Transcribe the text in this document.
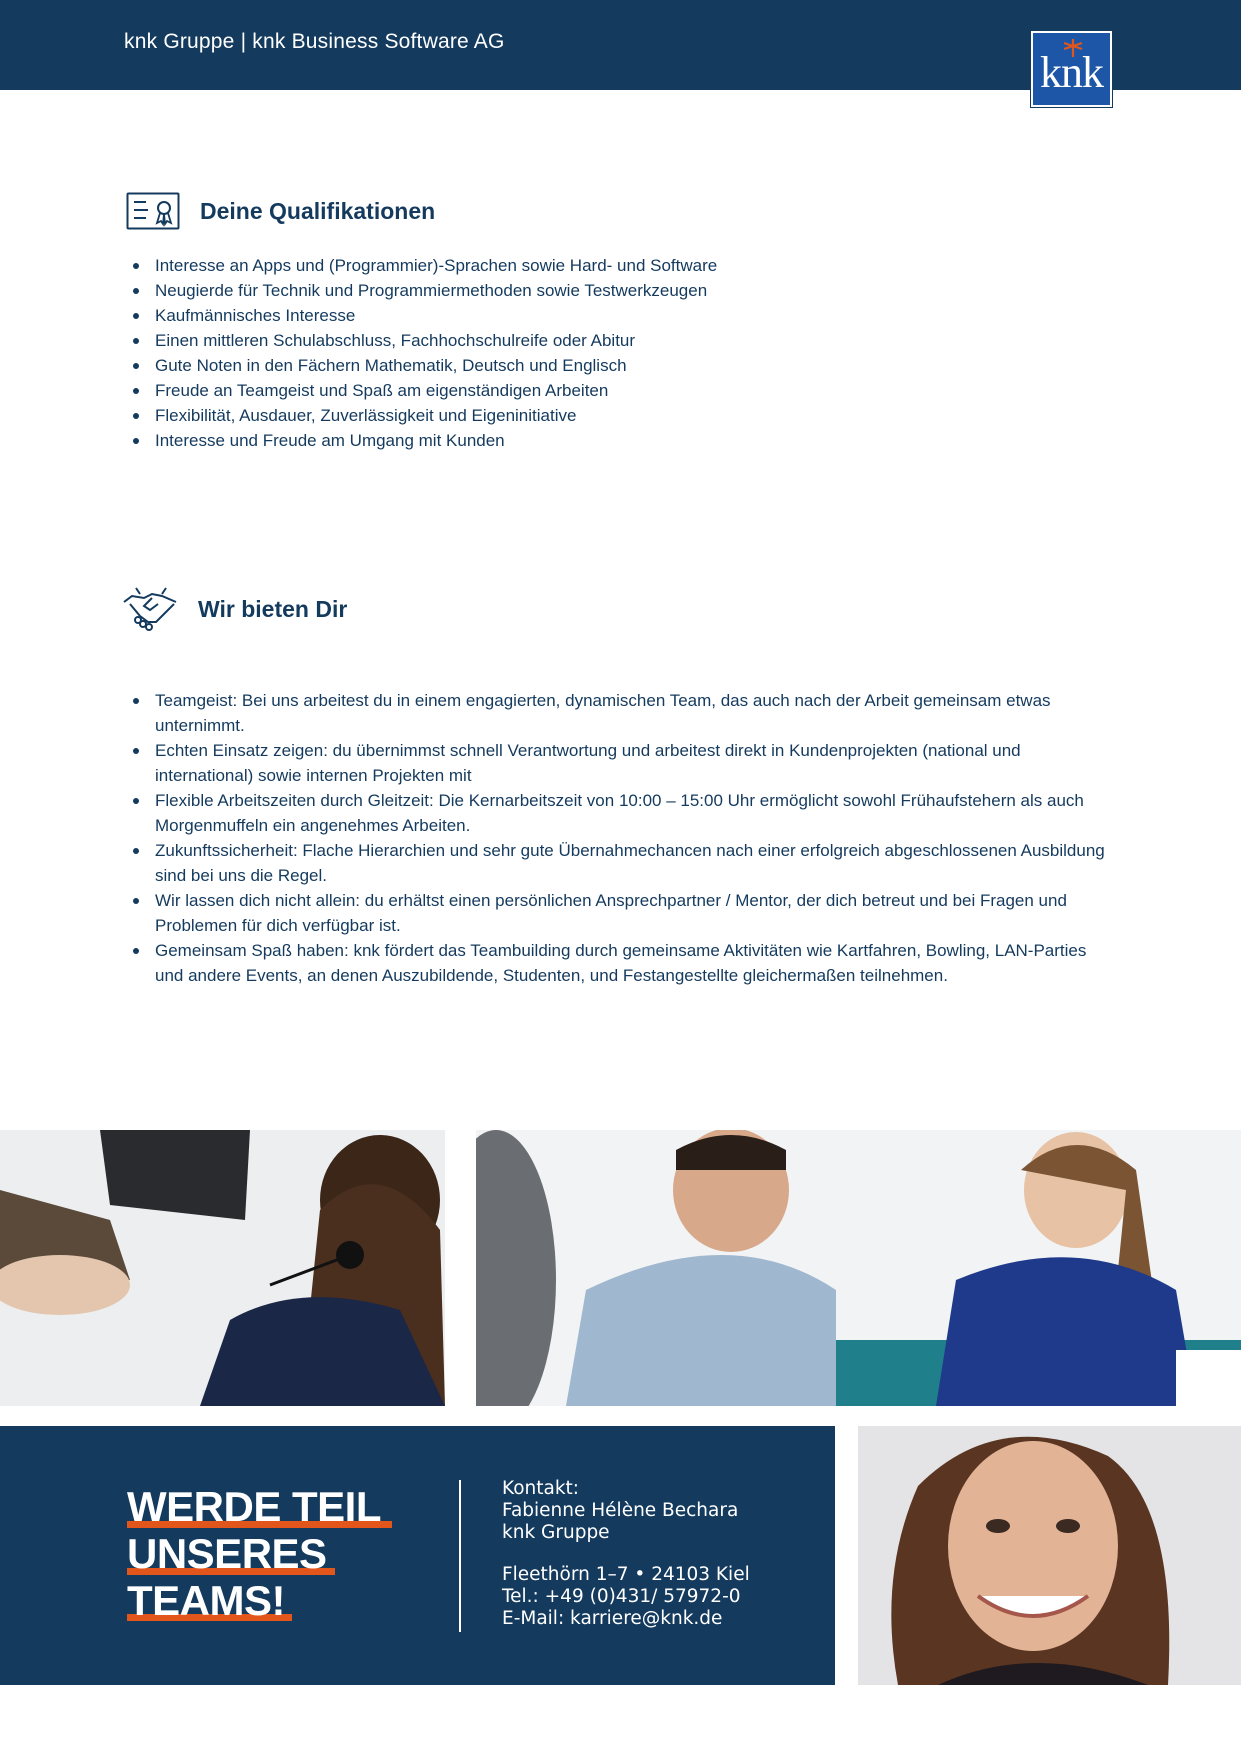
knk Gruppe | knk Business Software AG
knk
Deine Qualifikationen
Interesse an Apps und (Programmier)-Sprachen sowie Hard- und Software
Neugierde für Technik und Programmiermethoden sowie Testwerkzeugen
Kaufmännisches Interesse
Einen mittleren Schulabschluss, Fachhochschulreife oder Abitur
Gute Noten in den Fächern Mathematik, Deutsch und Englisch
Freude an Teamgeist und Spaß am eigenständigen Arbeiten
Flexibilität, Ausdauer, Zuverlässigkeit und Eigeninitiative
Interesse und Freude am Umgang mit Kunden
Wir bieten Dir
Teamgeist: Bei uns arbeitest du in einem engagierten, dynamischen Team, das auch nach der Arbeit gemeinsam etwas unternimmt.
Echten Einsatz zeigen: du übernimmst schnell Verantwortung und arbeitest direkt in Kundenprojekten (national und international) sowie internen Projekten mit
Flexible Arbeitszeiten durch Gleitzeit: Die Kernarbeitszeit von 10:00 – 15:00 Uhr ermöglicht sowohl Frühaufstehern als auch Morgenmuffeln ein angenehmes Arbeiten.
Zukunftssicherheit: Flache Hierarchien und sehr gute Übernahmechancen nach einer erfolgreich abgeschlossenen Ausbildung sind bei uns die Regel.
Wir lassen dich nicht allein: du erhältst einen persönlichen Ansprechpartner / Mentor, der dich betreut und bei Fragen und Problemen für dich verfügbar ist.
Gemeinsam Spaß haben: knk fördert das Teambuilding durch gemeinsame Aktivitäten wie Kartfahren, Bowling, LAN-Parties und andere Events, an denen Auszubildende, Studenten, und Festangestellte gleichermaßen teilnehmen.
WERDE TEIL
UNSERES
TEAMS!
Kontakt:
Fabienne Hélène Bechara
knk Gruppe
Fleethörn 1–7 • 24103 Kiel
Tel.: +49 (0)431/ 57972-0
E-Mail: karriere@knk.de
